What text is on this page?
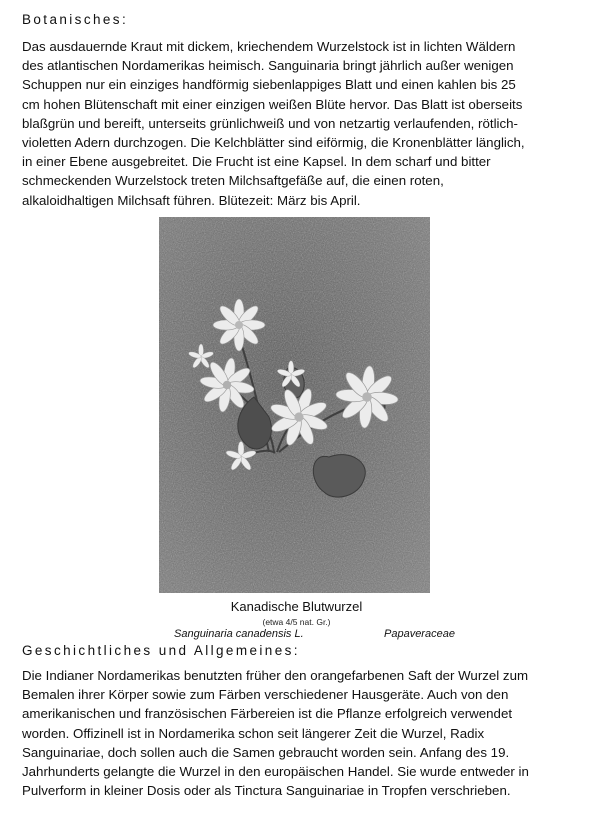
Botanisches:
Das ausdauernde Kraut mit dickem, kriechendem Wurzelstock ist in lichten Wäldern
des atlantischen Nordamerikas heimisch. Sanguinaria bringt jährlich außer wenigen
Schuppen nur ein einziges handförmig siebenlappiges Blatt und einen kahlen bis 25
cm hohen Blütenschaft mit einer einzigen weißen Blüte hervor. Das Blatt ist oberseits
blaßgrün und bereift, unterseits grünlichweiß und von netzartig verlaufenden, rötlich-
violetten Adern durchzogen. Die Kelchblätter sind eiförmig, die Kronenblätter länglich,
in einer Ebene ausgebreitet. Die Frucht ist eine Kapsel. In dem scharf und bitter
schmeckenden Wurzelstock treten Milchsaftgefäße auf, die einen roten,
alkaloidhaltigen Milchsaft führen. Blütezeit: März bis April.
Kanadische Blutwurzel
(etwa 4/5 nat. Gr.)
Sanguinaria canadensis L.	Papaveraceae
Geschichtliches und Allgemeines:
Die Indianer Nordamerikas benutzten früher den orangefarbenen Saft der Wurzel zum
Bemalen ihrer Körper sowie zum Färben verschiedener Hausgeräte. Auch von den
amerikanischen und französischen Färbereien ist die Pflanze erfolgreich verwendet
worden. Offizinell ist in Nordamerika schon seit längerer Zeit die Wurzel, Radix
Sanguinariae, doch sollen auch die Samen gebraucht worden sein. Anfang des 19.
Jahrhunderts gelangte die Wurzel in den europäischen Handel. Sie wurde entweder in
Pulverform in kleiner Dosis oder als Tinctura Sanguinariae in Tropfen verschrieben.
